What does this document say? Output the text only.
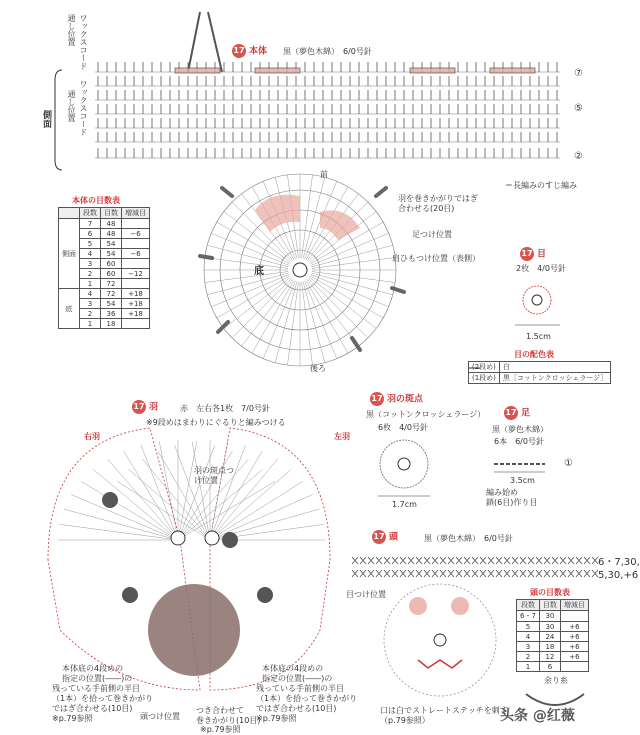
17 本体 黒（夢色木綿）　6/0号針
ワックスコード
通し位置
ワックスコード
通し位置
側面
⑦
⑤
②
＝長編みのすじ編み
本体の目数表
	段数	目数	増減目
側面	7	48	
	6	48	−6
	5	54	
	4	54	−6
	3	60	
	2	60	−12
	1	72	
底	4	72	+18
	3	54	+18
	2	36	+18
	1	18	
前
後ろ
底
羽を巻きかがりではぎ合わせる(20目)
足つけ位置
肩ひもつけ位置（表側）
17 目
2枚　4/0号針
1.5cm
目の配色表
(2段め)	白
(1段め)	黒［コットンクロッシェラージ］
17 羽	赤　左右各1枚　7/0号針
※9段めはまわりにぐるりと編みつける
右羽	左羽
羽の斑点つけ位置
本体底の4段めの
指定の位置(――)の
残っている手前側の半目
（1本）を拾って巻きかがり
ではぎ合わせる(10目)
※p.79参照
本体底の4段めの
指定の位置(――)の
残っている手前側の半目
（1本）を拾って巻きかがり
ではぎ合わせる(10目)
※p.79参照
頭つけ位置
つき合わせて
巻きかがり(10目)
※p.79参照
17 羽の斑点
黒（コットンクロッシェラージ）
6枚　4/0号針
1.7cm
17 足
黒（夢色木綿）
6本　6/0号針
①
3.5cm
編み始め
鎖(6目)作り目
17 頭	黒（夢色木綿）　6/0号針
6・7,30,
5,30,+6
目つけ位置
口は白でストレートステッチを刺す
（p.79参照）
余り糸
頭の目数表
段数	目数	増減目
6・7	30	
5	30	+6
4	24	+6
3	18	+6
2	12	+6
1	6	
头条 @红薇
